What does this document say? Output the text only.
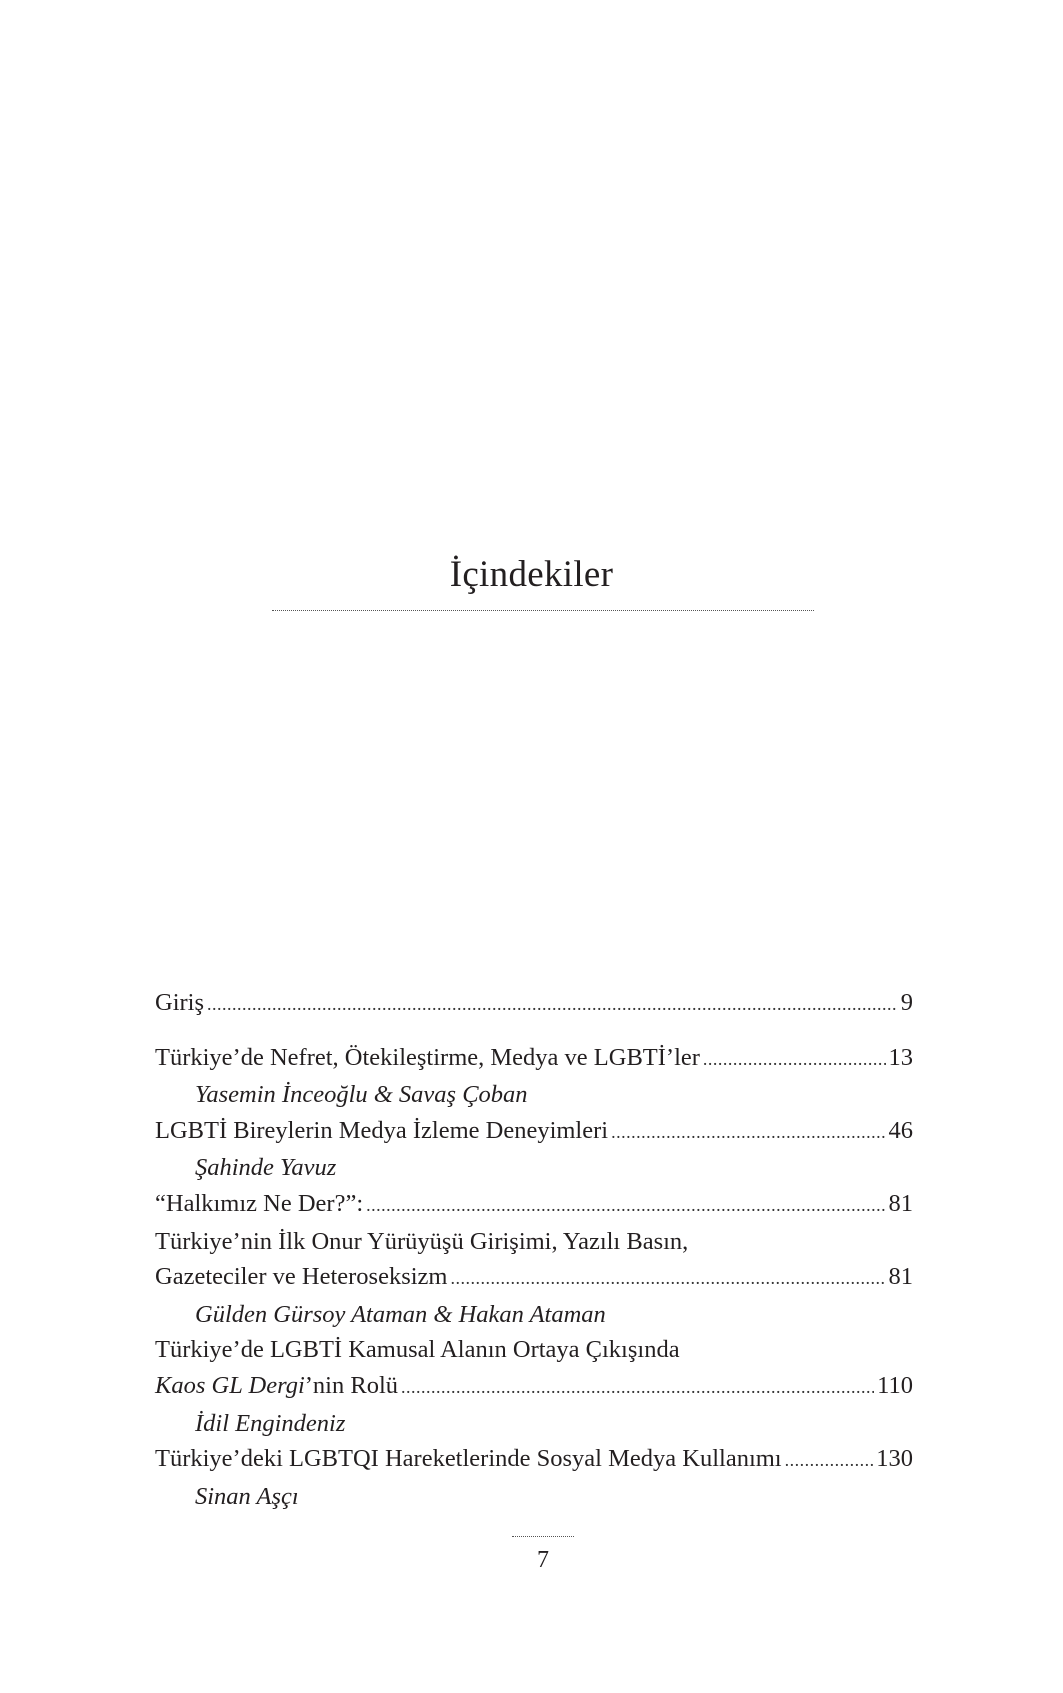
İçindekiler
Giriş .....	9
Türkiye’de Nefret, Ötekileştirme, Medya ve LGBTİ’ler .....	13
Yasemin İnceoğlu & Savaş Çoban
LGBTİ Bireylerin Medya İzleme Deneyimleri .....	46
Şahinde Yavuz
“Halkımız Ne Der?”: .....	81
Türkiye’nin İlk Onur Yürüyüşü Girişimi, Yazılı Basın,
Gazeteciler ve Heteroseksizm .....	81
Gülden Gürsoy Ataman & Hakan Ataman
Türkiye’de LGBTİ Kamusal Alanın Ortaya Çıkışında
Kaos GL Dergi’nin Rolü .....	110
İdil Engindeniz
Türkiye’deki LGBTQI Hareketlerinde Sosyal Medya Kullanımı .....	130
Sinan Aşçı
7
